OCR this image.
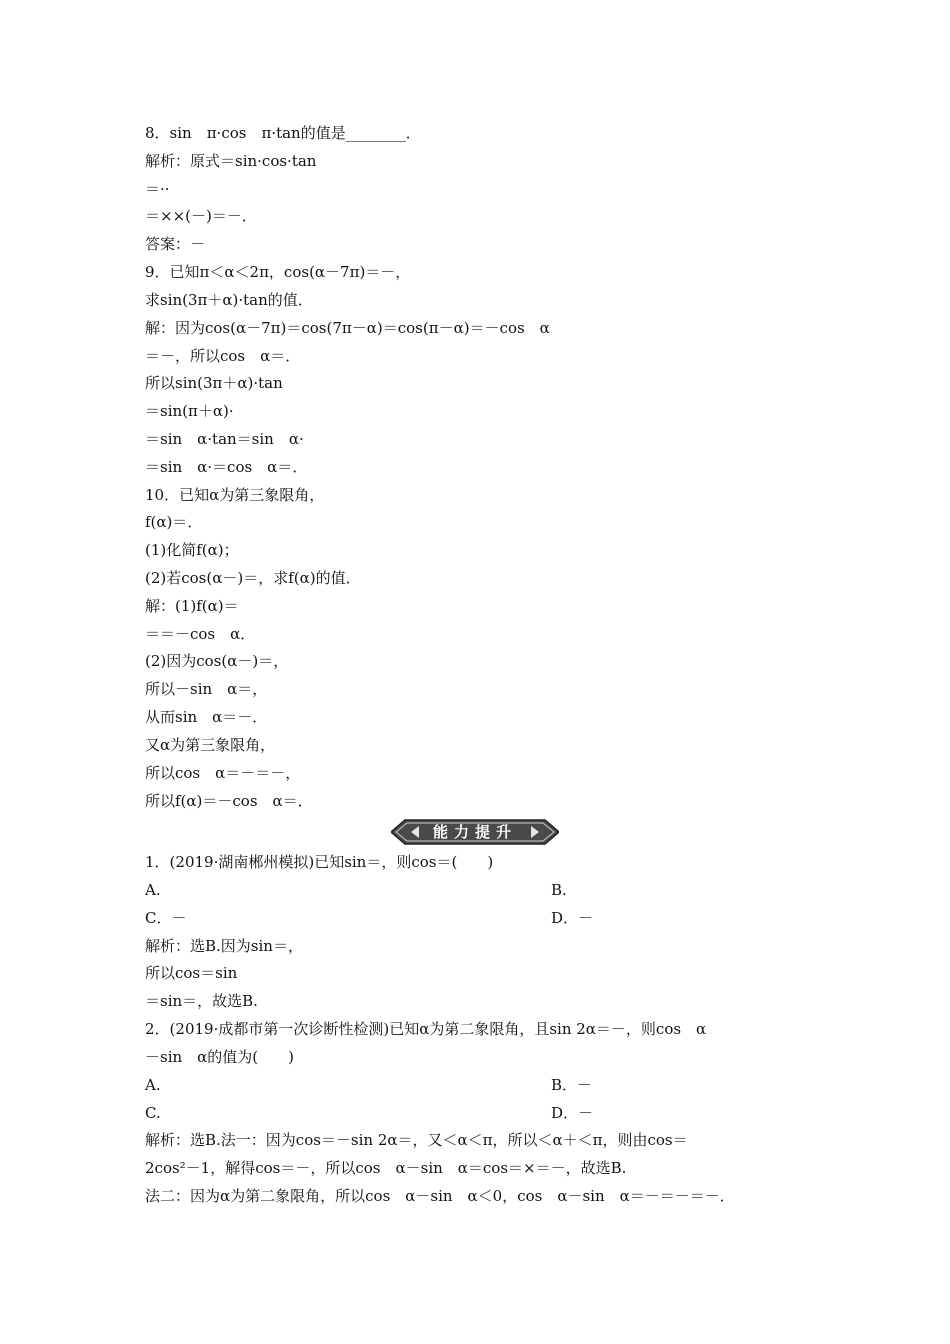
8．sin　π·cos　π·tan的值是________．
解析：原式＝sin·cos·tan
＝··
＝××(－)＝－．
答案：－
9．已知π＜α＜2π，cos(α－7π)＝－，
求sin(3π＋α)·tan的值．
解：因为cos(α－7π)＝cos(7π－α)＝cos(π－α)＝－cos　α
＝－，所以cos　α＝．
所以sin(3π＋α)·tan
＝sin(π＋α)·
＝sin　α·tan＝sin　α·
＝sin　α·＝cos　α＝．
10．已知α为第三象限角，
f(α)＝．
(1)化简f(α)；
(2)若cos(α－)＝，求f(α)的值．
解：(1)f(α)＝
＝＝－cos　α．
(2)因为cos(α－)＝，
所以－sin　α＝，
从而sin　α＝－．
又α为第三象限角，
所以cos　α＝－＝－，
所以f(α)＝－cos　α＝．
能力提升
1．(2019·湖南郴州模拟)已知sin＝，则cos＝(　　)
A.	B.
C．－	D．－
解析：选B.因为sin＝，
所以cos＝sin
＝sin＝，故选B.
2．(2019·成都市第一次诊断性检测)已知α为第二象限角，且sin 2α＝－，则cos　α
－sin　α的值为(　　)
A.	B．－
C.	D．－
解析：选B.法一：因为cos＝－sin 2α＝，又＜α＜π，所以＜α＋＜π，则由cos＝
2cos²－1，解得cos＝－，所以cos　α－sin　α＝cos＝×＝－，故选B.
法二：因为α为第二象限角，所以cos　α－sin　α＜0，cos　α－sin　α＝－＝－＝－．
